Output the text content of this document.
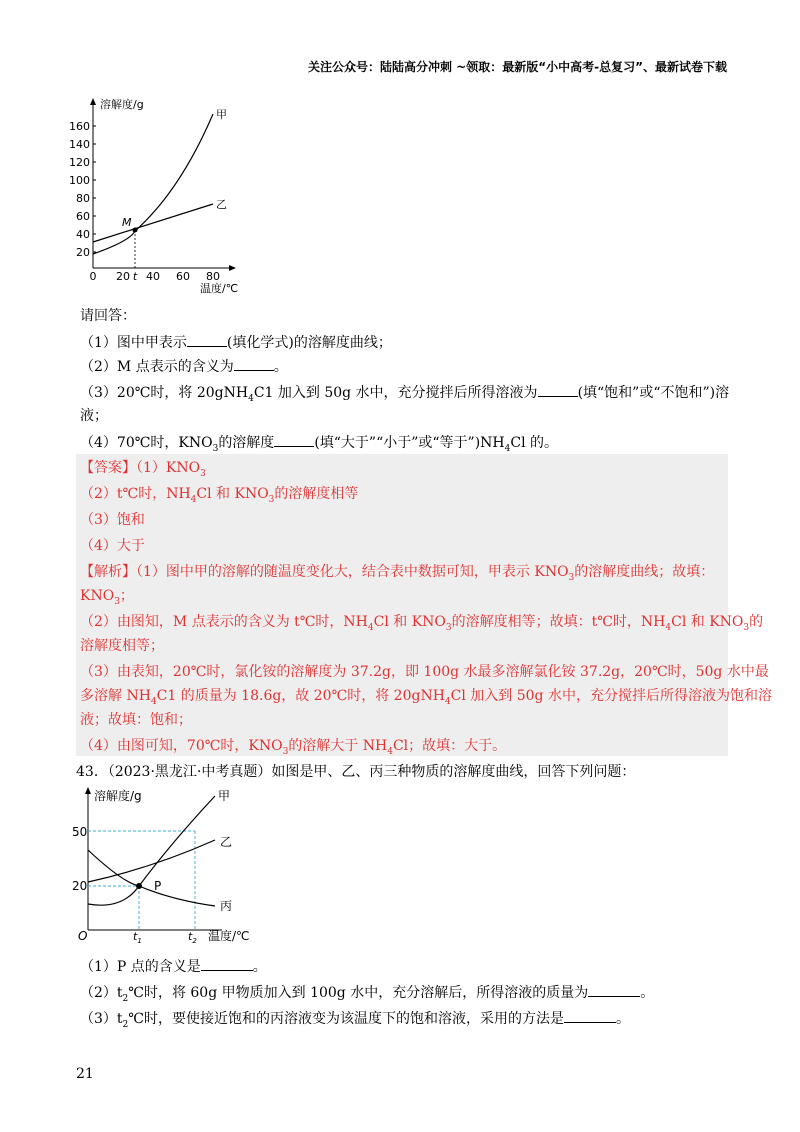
关注公众号：陆陆高分冲刺 ~领取：最新版“小中高考-总复习”、最新试卷下载
溶解度/g
160
140
120
100
80
60
40
20
0 20 t 40 60 80
温度/℃
甲
乙
M
请回答：
（1）图中甲表示	(填化学式)的溶解度曲线；
（2）M 点表示的含义为	。
（3）20℃时，将 20gNH$_4$C1 加入到 50g 水中，充分搅拌后所得溶液为	(填“饱和”或“不饱和”)溶
液；
（4）70℃时，$KNO_3$的溶解度	(填“大于”“小于”或“等于$”)NH_4Cl$ 的。
【答案】$(1)KNO_3$
（2）t℃时，$NH_4Cl$ 和 $KNO_3$的溶解度相等
（3）饱和
（4）大于
【解析】（1）图中甲的溶解的随温度变化大，结合表中数据可知，甲表示 $KNO_3$的溶解度曲线；故填：
$KNO_3$；
（2）由图知，M 点表示的含义为 t℃时，$NH_4Cl$ 和 $KNO_3$的溶解度相等；故填：t℃时，$NH_4Cl$ 和 $KNO_3$的
溶解度相等；
（3）由表知，20℃时，氯化铵的溶解度为 37.2g，即 100g 水最多溶解氯化铵 37.2g，20℃时，50g 水中最
多溶解 $NH_4C1$ 的质量为 18.6g，故 20℃时，将 20gNH$_4$Cl 加入到 50g 水中，充分搅拌后所得溶液为饱和溶
液；故填：饱和；
（4）由图可知，70℃时，$KNO_3$的溶解大于 $NH_4Cl$；故填：大于。
43．（2023·黑龙江·中考真题）如图是甲、乙、丙三种物质的溶解度曲线，回答下列问题：
溶解度/g
50
20
O
甲
乙
丙
P
$t_1$	$t_2$ 温度/℃
（1）P 点的含义是	。
$(2)t_2℃$时，将 60g 甲物质加入到 100g 水中，充分溶解后，所得溶液的质量为	。
$(3)t_2℃$时，要使接近饱和的丙溶液变为该温度下的饱和溶液，采用的方法是	。
21
